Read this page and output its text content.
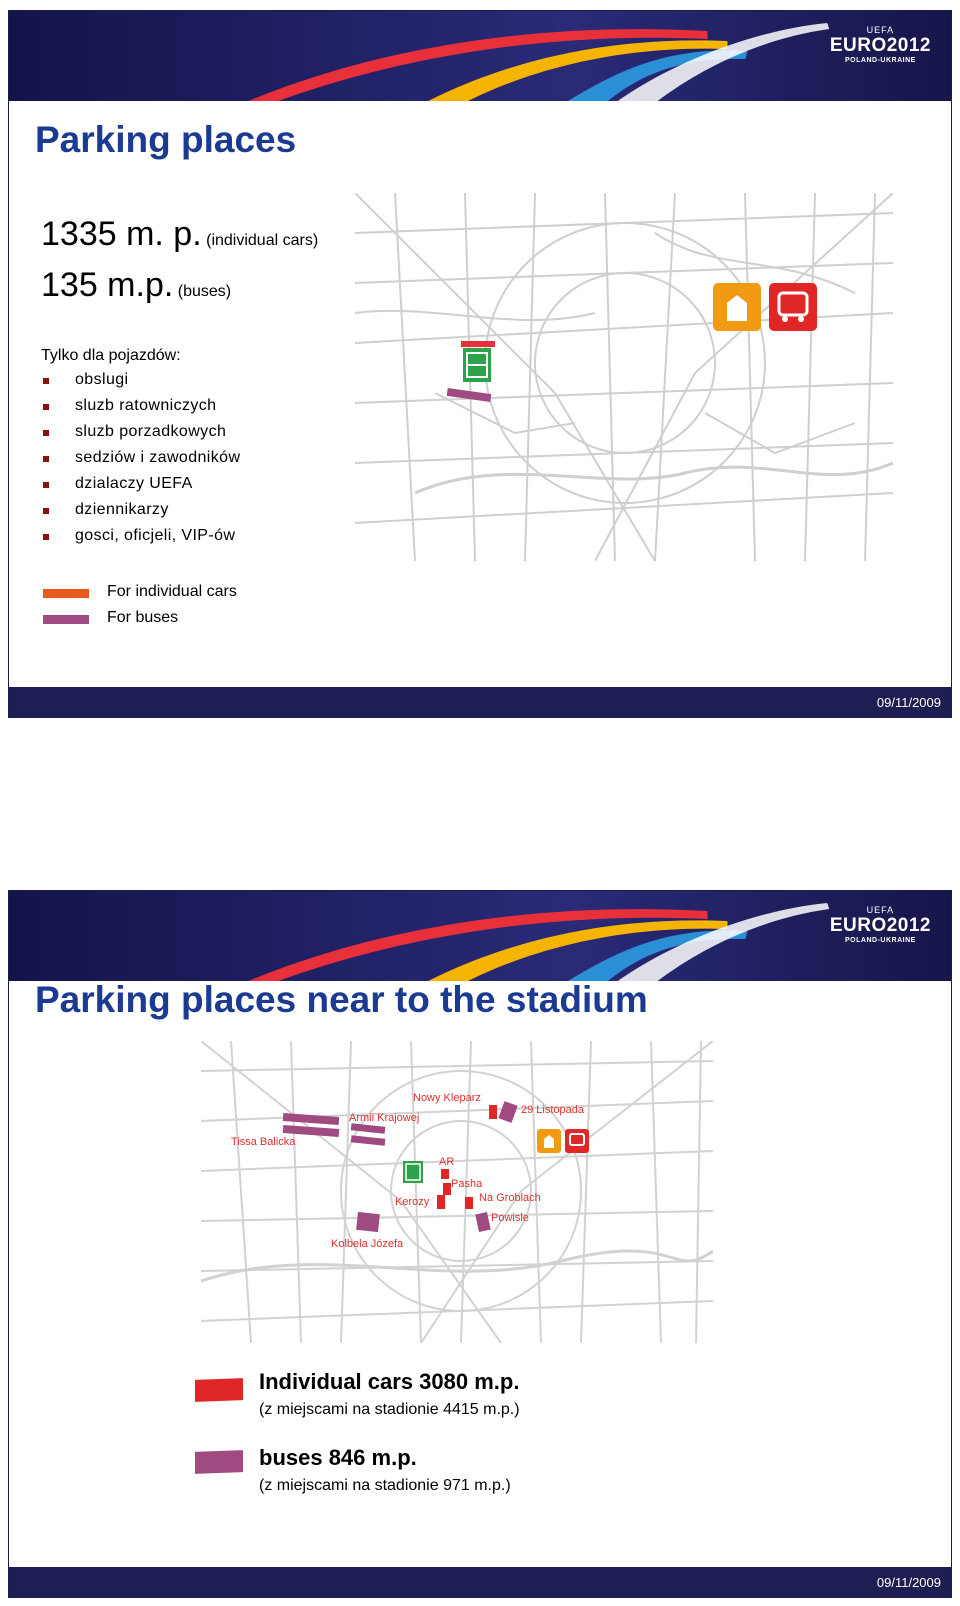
UEFA
EURO2012
POLAND-UKRAINE
Parking places
1335 m. p. (individual cars)
135 m.p. (buses)
Tylko dla pojazdów:
obslugi
sluzb ratowniczych
sluzb porzadkowych
sedziów i zawodników
dzialaczy UEFA
dziennikarzy
gosci, oficjeli, VIP-ów
For individual cars
For buses
09/11/2009
UEFA
EURO2012
POLAND-UKRAINE
Parking places near to the stadium
Nowy Kleparz
29 Listopada
Armii Krajowej
Tissa Balicka
AR
Pasha
Na Groblach
Powisle
Kerozy
Kolbela Józefa
Individual cars 3080 m.p.
(z miejscami na stadionie 4415 m.p.)
buses 846 m.p.
(z miejscami na stadionie 971 m.p.)
09/11/2009
